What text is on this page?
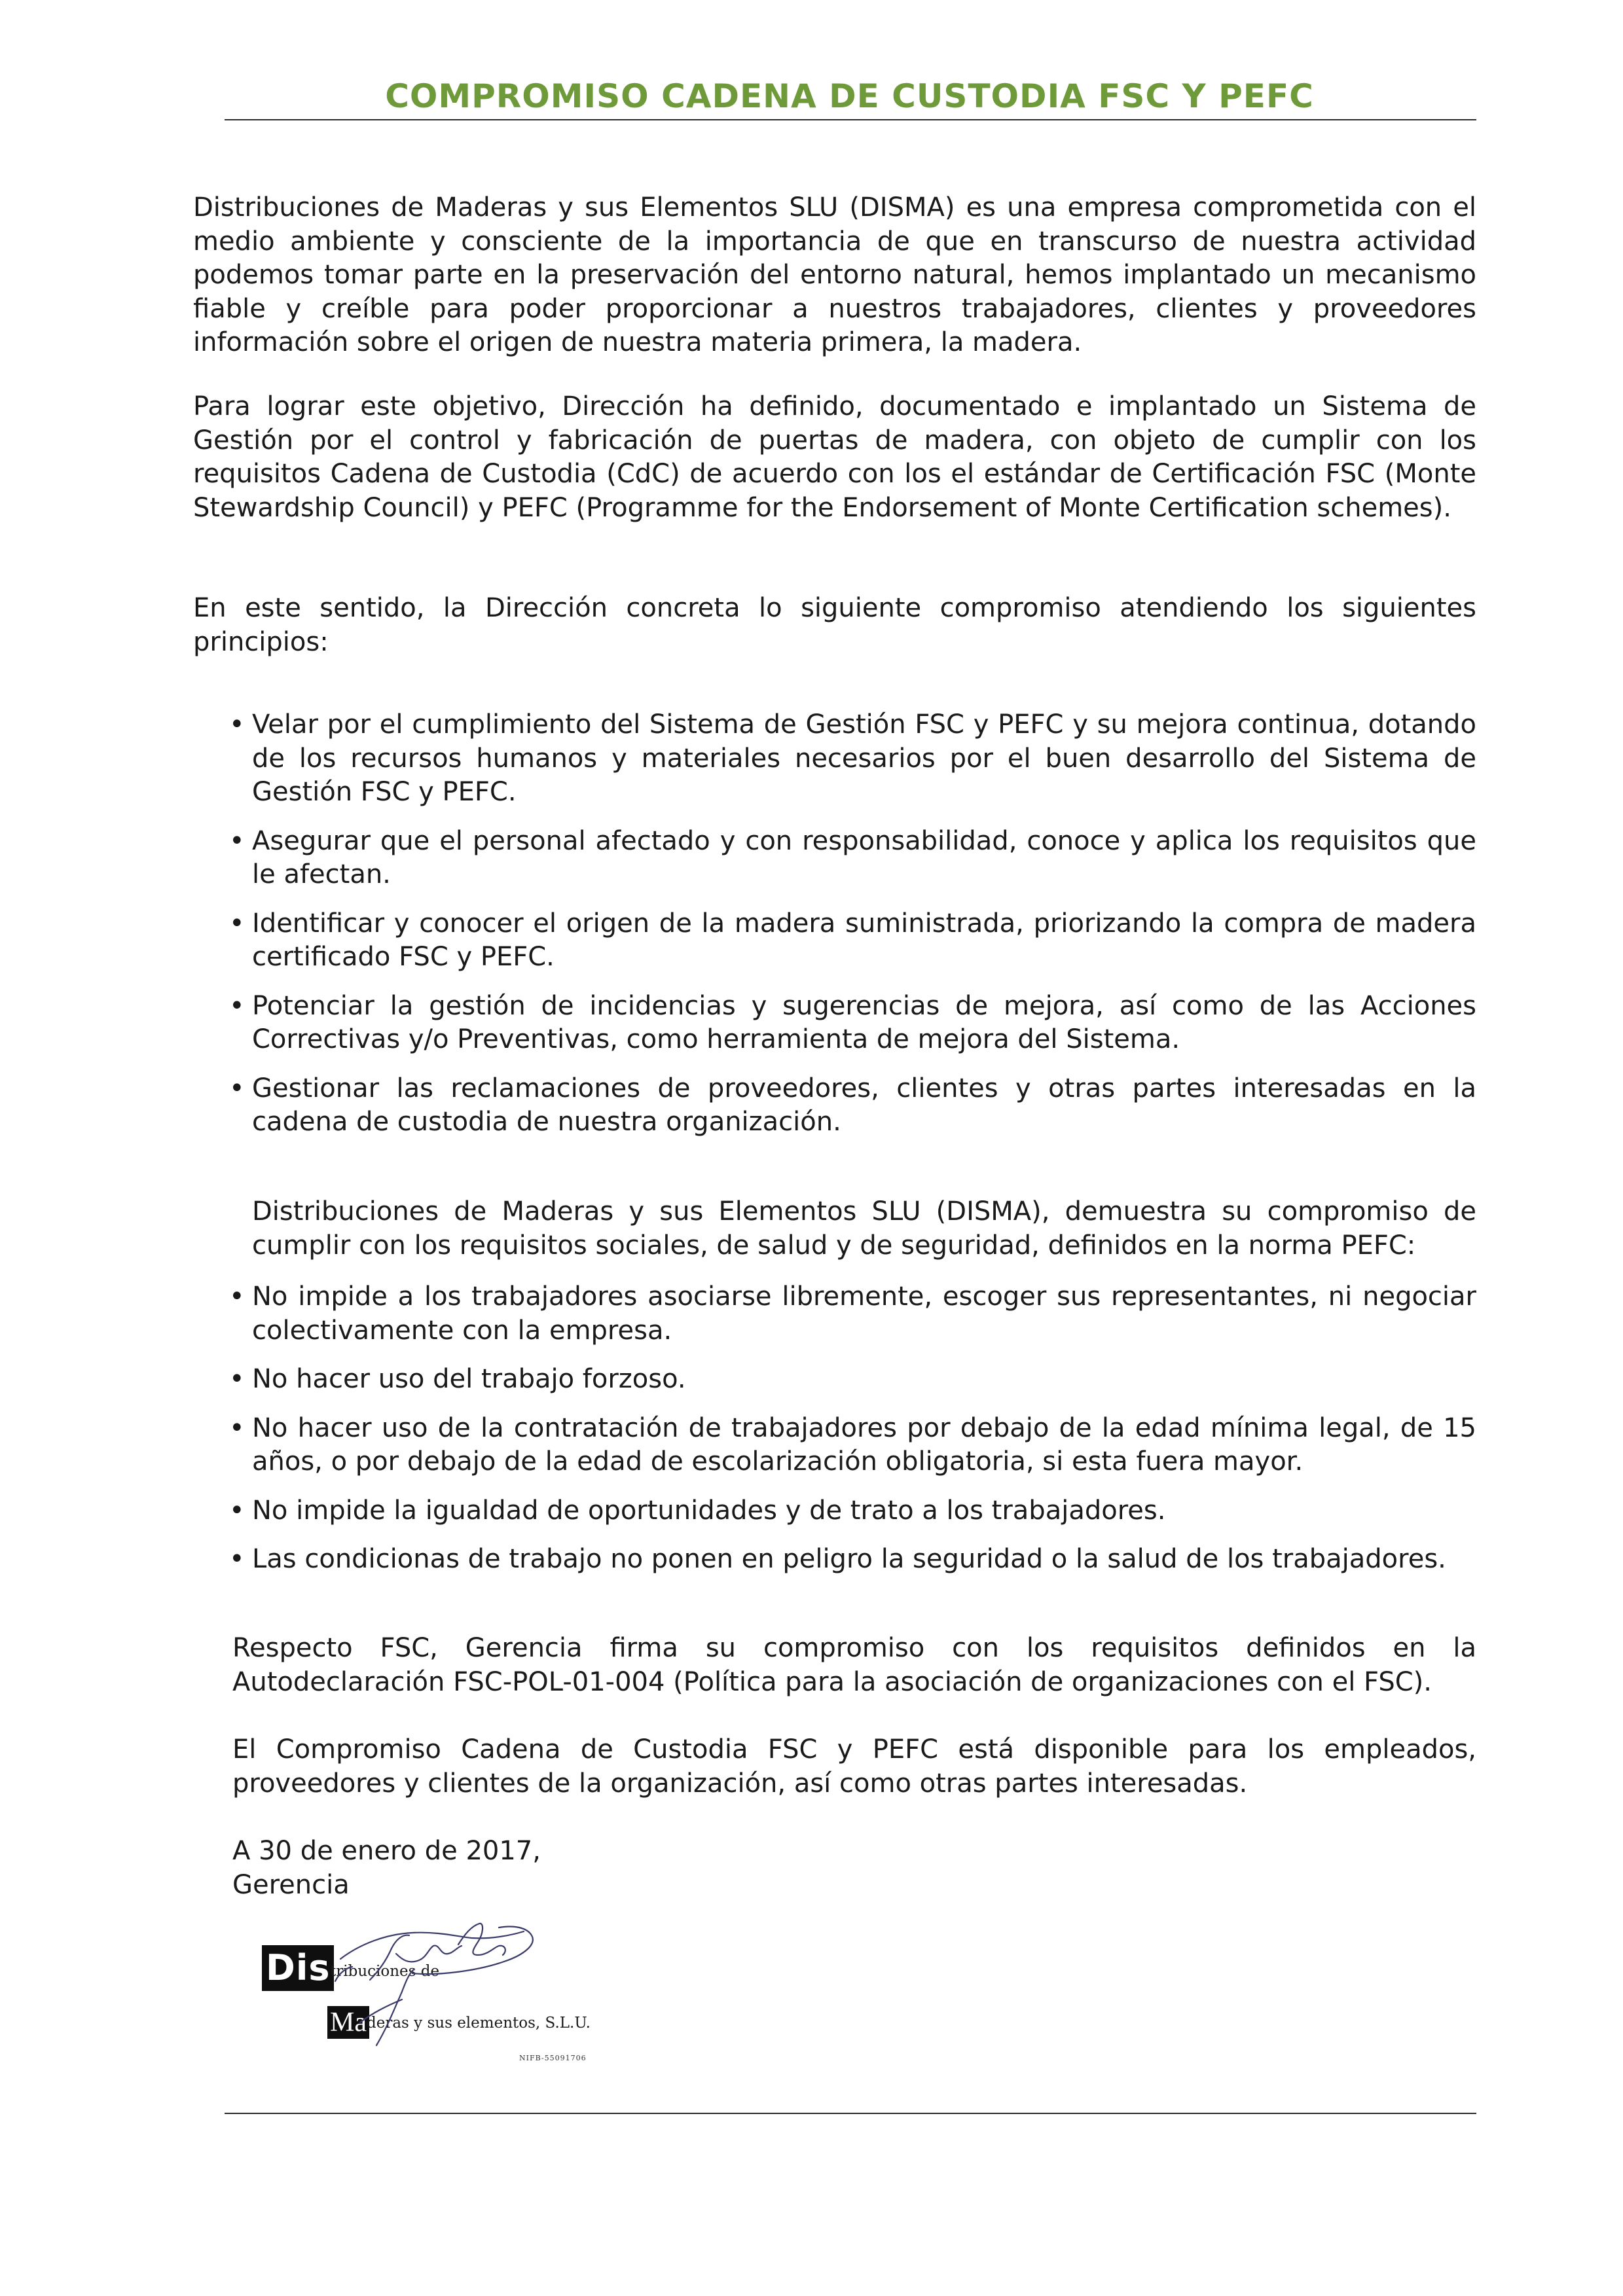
COMPROMISO CADENA DE CUSTODIA FSC Y PEFC

Distribuciones de Maderas y sus Elementos SLU (DISMA) es una empresa comprometida con el medio ambiente y consciente de la importancia de que en transcurso de nuestra actividad podemos tomar parte en la preservación del entorno natural, hemos implantado un mecanismo fiable y creíble para poder proporcionar a nuestros trabajadores, clientes y proveedores información sobre el origen de nuestra materia primera, la madera.

Para lograr este objetivo, Dirección ha definido, documentado e implantado un Sistema de Gestión por el control y fabricación de puertas de madera, con objeto de cumplir con los requisitos Cadena de Custodia (CdC) de acuerdo con los el estándar de Certificación FSC (Monte Stewardship Council) y PEFC (Programme for the Endorsement of Monte Certification schemes).

En este sentido, la Dirección concreta lo siguiente compromiso atendiendo los siguientes principios:

• Velar por el cumplimiento del Sistema de Gestión FSC y PEFC y su mejora continua, dotando de los recursos humanos y materiales necesarios por el buen desarrollo del Sistema de Gestión FSC y PEFC.
• Asegurar que el personal afectado y con responsabilidad, conoce y aplica los requisitos que le afectan.
• Identificar y conocer el origen de la madera suministrada, priorizando la compra de madera certificado FSC y PEFC.
• Potenciar la gestión de incidencias y sugerencias de mejora, así como de las Acciones Correctivas y/o Preventivas, como herramienta de mejora del Sistema.
• Gestionar las reclamaciones de proveedores, clientes y otras partes interesadas en la cadena de custodia de nuestra organización.

Distribuciones de Maderas y sus Elementos SLU (DISMA), demuestra su compromiso de cumplir con los requisitos sociales, de salud y de seguridad, definidos en la norma PEFC:

• No impide a los trabajadores asociarse libremente, escoger sus representantes, ni negociar colectivamente con la empresa.
• No hacer uso del trabajo forzoso.
• No hacer uso de la contratación de trabajadores por debajo de la edad mínima legal, de 15 años, o por debajo de la edad de escolarización obligatoria, si esta fuera mayor.
• No impide la igualdad de oportunidades y de trato a los trabajadores.
• Las condicionas de trabajo no ponen en peligro la seguridad o la salud de los trabajadores.

Respecto FSC, Gerencia firma su compromiso con los requisitos definidos en la Autodeclaración FSC-POL-01-004 (Política para la asociación de organizaciones con el FSC).

El Compromiso Cadena de Custodia FSC y PEFC está disponible para los empleados, proveedores y clientes de la organización, así como otras partes interesadas.

A 30 de enero de 2017,
Gerencia
Dis tribuciones de
Ma deras y sus elementos, S.L.U.
NIFB-55091706
